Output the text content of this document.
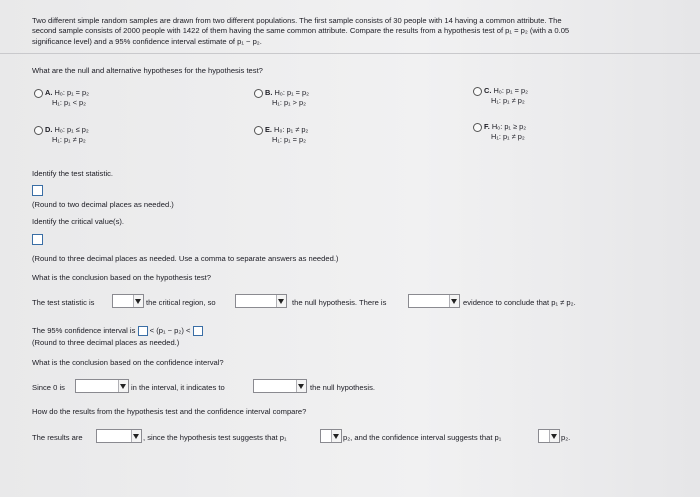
Two different simple random samples are drawn from two different populations. The first sample consists of 30 people with 14 having a common attribute. The
second sample consists of 2000 people with 1422 of them having the same common attribute. Compare the results from a hypothesis test of p₁ = p₂ (with a 0.05
significance level) and a 95% confidence interval estimate of p₁ − p₂.
What are the null and alternative hypotheses for the hypothesis test?
A. H₀: p₁ = p₂
H₁: p₁ < p₂
B. H₀: p₁ = p₂
H₁: p₁ > p₂
C. H₀: p₁ = p₂
H₁: p₁ ≠ p₂
D. H₀: p₁ ≤ p₂
H₁: p₁ ≠ p₂
E. H₀: p₁ ≠ p₂
H₁: p₁ = p₂
F. H₀: p₁ ≥ p₂
H₁: p₁ ≠ p₂
Identify the test statistic.
(Round to two decimal places as needed.)
Identify the critical value(s).
(Round to three decimal places as needed. Use a comma to separate answers as needed.)
What is the conclusion based on the hypothesis test?
The test statistic is	the critical region, so	the null hypothesis. There is	evidence to conclude that p₁ ≠ p₂.
The 95% confidence interval is < (p₁ − p₂) <
(Round to three decimal places as needed.)
What is the conclusion based on the confidence interval?
Since 0 is	in the interval, it indicates to	the null hypothesis.
How do the results from the hypothesis test and the confidence interval compare?
The results are	, since the hypothesis test suggests that p₁	p₂, and the confidence interval suggests that p₁	p₂.
